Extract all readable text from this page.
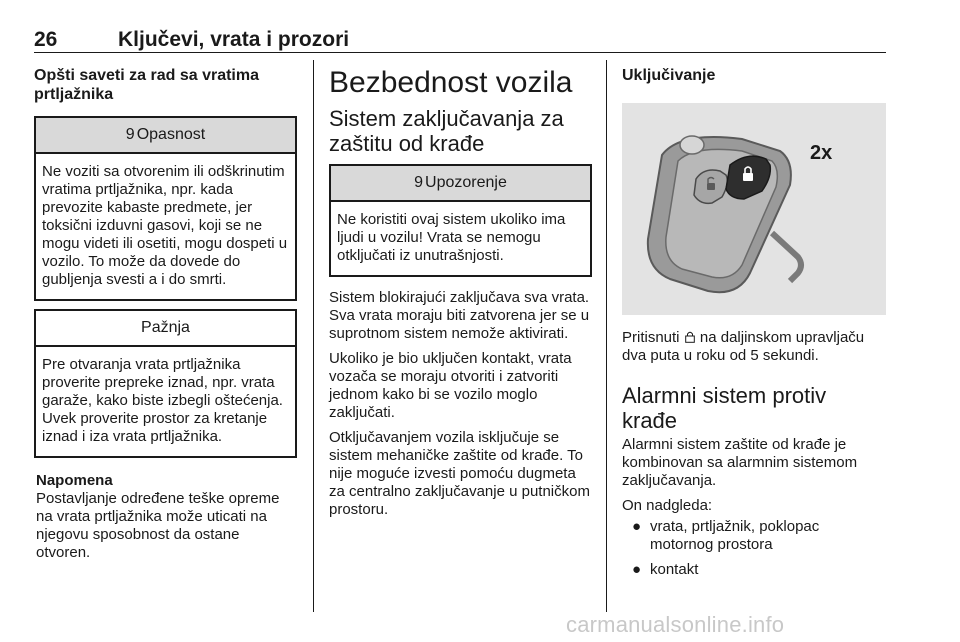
26	Ključevi, vrata i prozori
Opšti saveti za rad sa vratima prtljažnika
9 Opasnost
Ne voziti sa otvorenim ili odškrinutim vratima prtljažnika, npr. kada prevozite kabaste predmete, jer toksični izduvni gasovi, koji se ne mogu videti ili osetiti, mogu dospeti u vozilo. To može da dovede do gubljenja svesti a i do smrti.
Pažnja
Pre otvaranja vrata prtljažnika proverite prepreke iznad, npr. vrata garaže, kako biste izbegli oštećenja. Uvek proverite prostor za kretanje iznad i iza vrata prtljažnika.

Napomena

Postavljanje određene teške opreme na vrata prtljažnika može uticati na njegovu sposobnost da ostane otvoren.

Bezbednost vozila
Sistem zaključavanja za zaštitu od krađe
9 Upozorenje
Ne koristiti ovaj sistem ukoliko ima ljudi u vozilu! Vrata se nemogu otključati iz unutrašnjosti.

Sistem blokirajući zaključava sva vrata. Sva vrata moraju biti zatvorena jer se u suprotnom sistem nemože aktivirati.

Ukoliko je bio uključen kontakt, vrata vozača se moraju otvoriti i zatvoriti jednom kako bi se vozilo moglo zaključati.

Otključavanjem vozila isključuje se sistem mehaničke zaštite od krađe. To nije moguće izvesti pomoću dugmeta za centralno zaključavanje u putničkom prostoru.

Uključivanje
2x

Pritisnuti na daljinskom upravljaču dva puta u roku od 5 sekundi.

Alarmni sistem protiv krađe

Alarmni sistem zaštite od krađe je kombinovan sa alarmnim sistemom zaključavanja.

On nadgleda:

● vrata, prtljažnik, poklopac motornog prostora
● kontakt
carmanualsonline.info
